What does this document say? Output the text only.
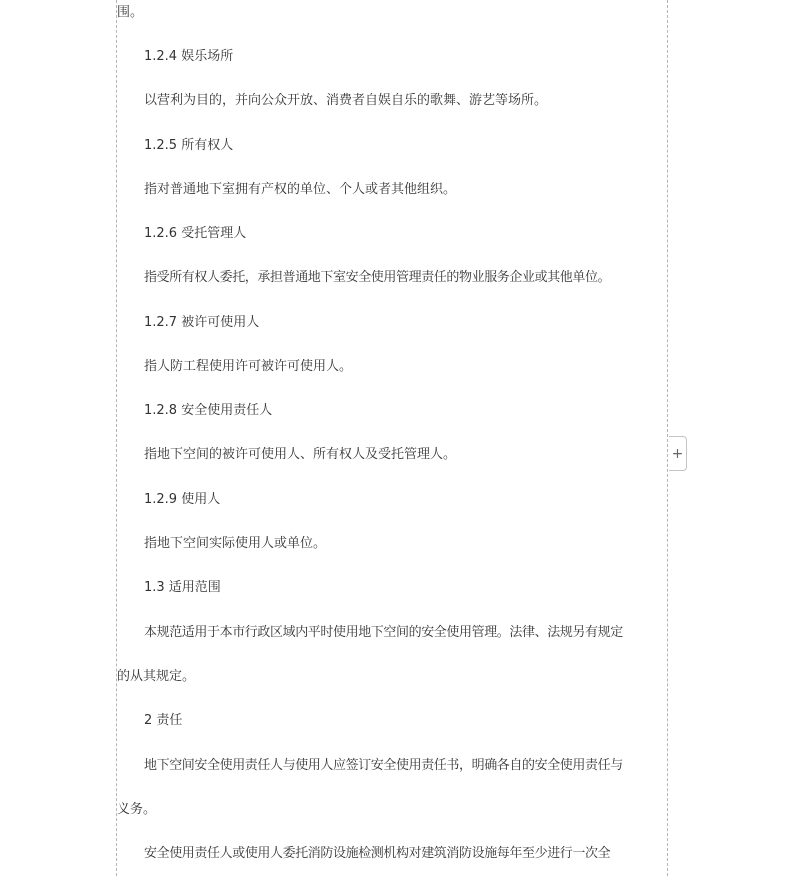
围。
1.2.4 娱乐场所
以营利为目的，并向公众开放、消费者自娱自乐的歌舞、游艺等场所。
1.2.5 所有权人
指对普通地下室拥有产权的单位、个人或者其他组织。
1.2.6 受托管理人
指受所有权人委托，承担普通地下室安全使用管理责任的物业服务企业或其他单位。
1.2.7 被许可使用人
指人防工程使用许可被许可使用人。
1.2.8 安全使用责任人
指地下空间的被许可使用人、所有权人及受托管理人。
1.2.9 使用人
指地下空间实际使用人或单位。
1.3 适用范围
本规范适用于本市行政区域内平时使用地下空间的安全使用管理。法律、法规另有规定
的从其规定。
2 责任
地下空间安全使用责任人与使用人应签订安全使用责任书，明确各自的安全使用责任与
义务。
安全使用责任人或使用人委托消防设施检测机构对建筑消防设施每年至少进行一次全
+
